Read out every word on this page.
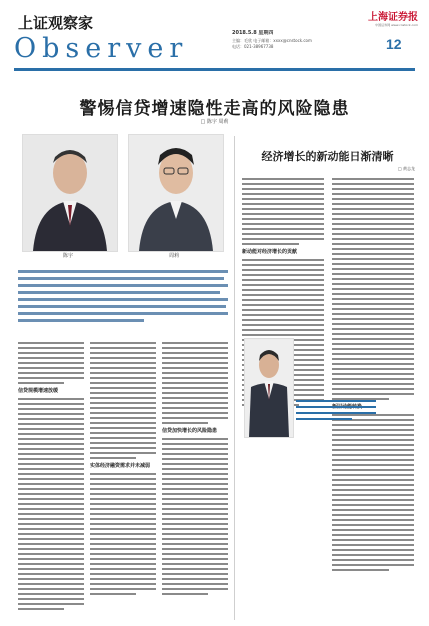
上证观察家
Observer	2018.5.8 星期四
主编：毛欣 电子邮箱：xxxx@cnstock.com
电话：021-38967738
上海证券报
中国证券网 www.cnstock.com
12
警惕信贷增速隐性走高的风险隐患
□ 陈宇 周莉
陈宇	周莉
信贷规模增速放缓
实体经济融资需求并未减弱
信贷加快增长的风险隐患
经济增长的新动能日渐清晰
□ 黄志龙
新动能对经济增长的贡献
